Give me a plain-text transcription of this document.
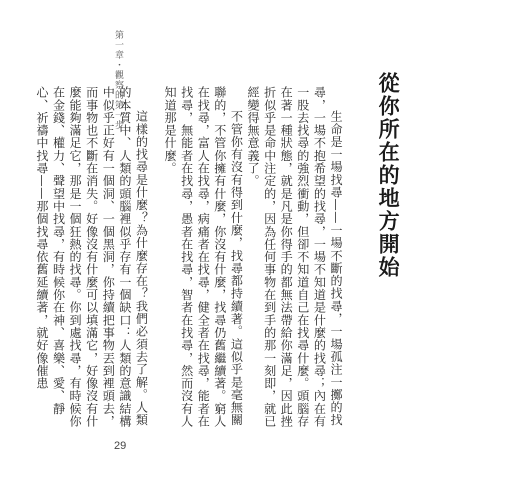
第一章・觀察的第一步	從你所在的地方開始

生命是一場找尋——一場不斷的找尋，一場孤注一擲的找尋，一場不抱希望的找尋，一場不知道是什麼的找尋；內在有一股去找尋的強烈衝動，但卻不知道自己在找尋什麼。頭腦存在著一種狀態，就是凡是你得手的都無法帶給你滿足，因此挫折似乎是命中注定的，因為任何事物在到手的那一刻即，就已經變得無意義了。

不管你有沒有得到什麼，找尋都持續著。這似乎是毫無關聯的，不管你擁有什麼，你沒有什麼，找尋仍舊繼續著。窮人在找尋，富人在找尋，病痛者在找尋，健全者在找尋，能者在找尋，無能者在找尋，愚者在找尋，智者在找尋，然而沒有人知道那是什麼。

這樣的找尋是什麼？為什麼存在？我們必須去了解。人類的本質中、人類的頭腦裡似乎存有一個缺口：人類的意識結構中似乎正好有一個洞、一個黑洞，你持續把事物丟到裡頭去，而事物也不斷在消失。好像沒有什麼可以填滿它，好像沒有什麼能夠滿足它，那是一個狂熱的找尋。你到處找尋，有時候你在金錢、權力、聲望中找尋，有時候你在神、喜樂、愛、靜心、祈禱中找尋——那個找尋依舊延續著，就好像催患

29
